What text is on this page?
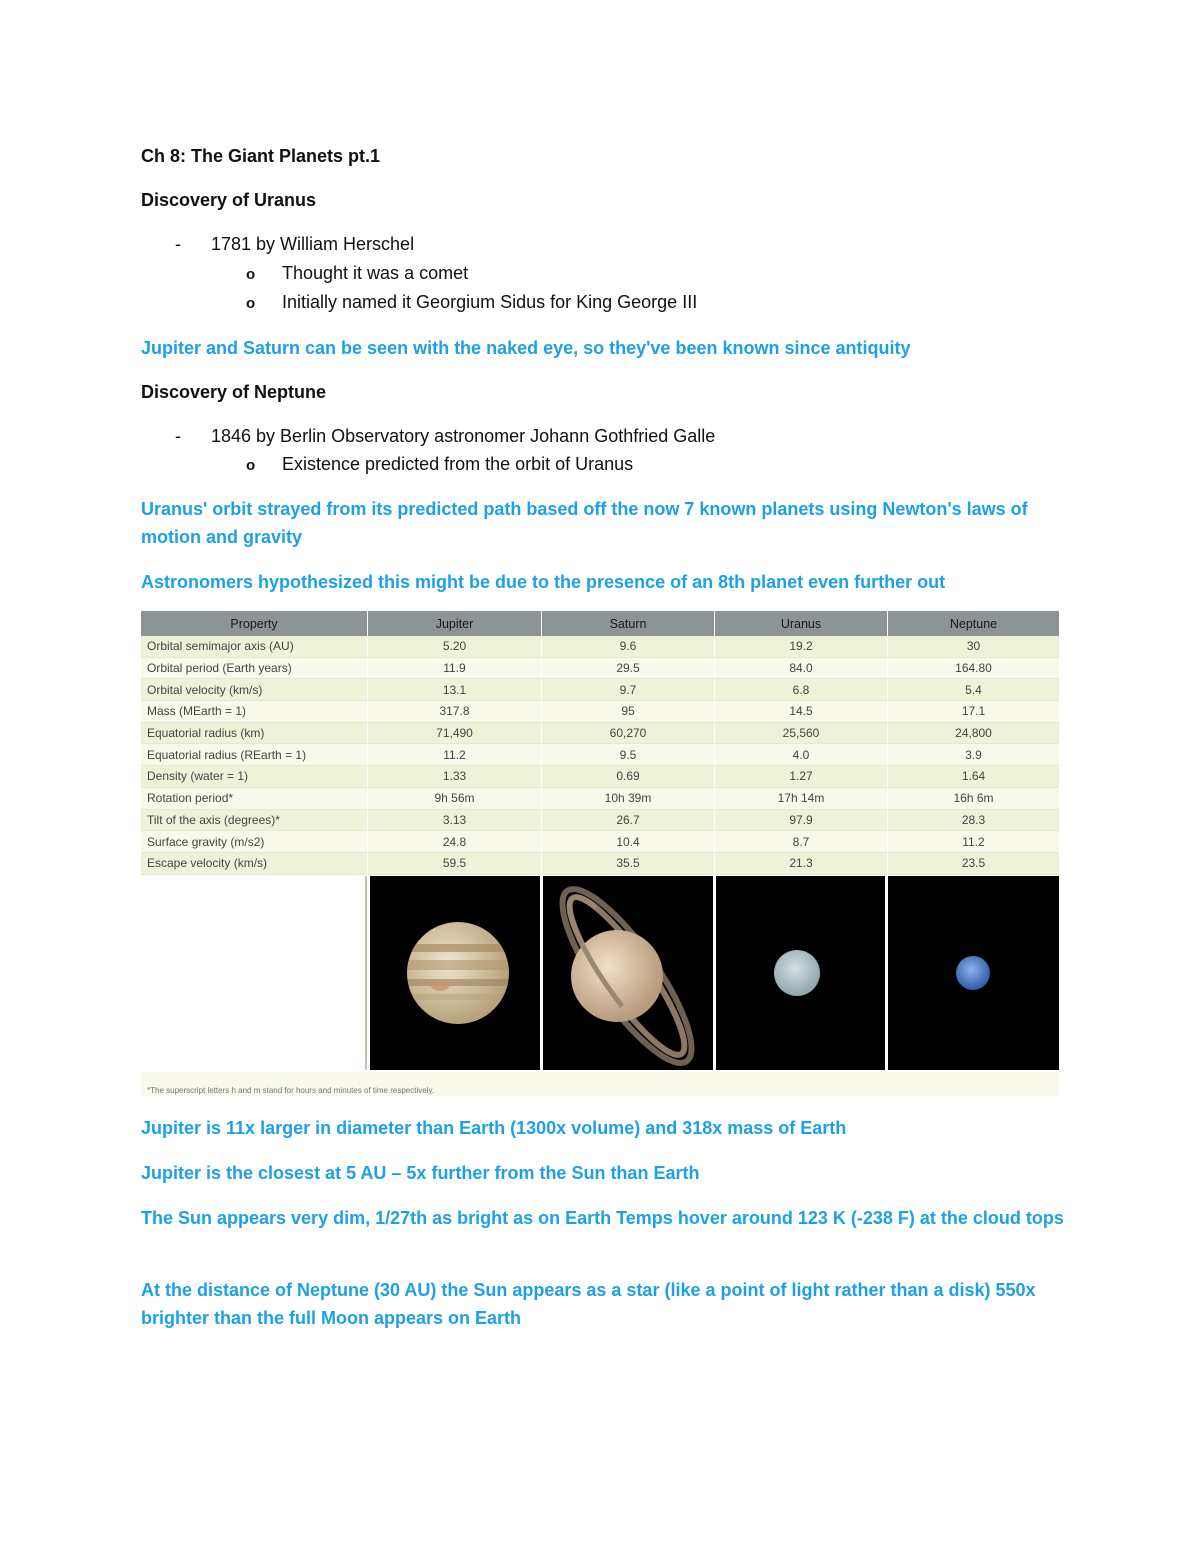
Ch 8: The Giant Planets pt.1
Discovery of Uranus
- 1781 by William Herschel
o Thought it was a comet
o Initially named it Georgium Sidus for King George III
Jupiter and Saturn can be seen with the naked eye, so they've been known since antiquity
Discovery of Neptune
- 1846 by Berlin Observatory astronomer Johann Gothfried Galle
o Existence predicted from the orbit of Uranus
Uranus' orbit strayed from its predicted path based off the now 7 known planets using Newton's laws of motion and gravity
Astronomers hypothesized this might be due to the presence of an 8th planet even further out
Property	Jupiter	Saturn	Uranus	Neptune
Orbital semimajor axis (AU)	5.20	9.6	19.2	30
Orbital period (Earth years)	11.9	29.5	84.0	164.80
Orbital velocity (km/s)	13.1	9.7	6.8	5.4
Mass (MEarth = 1)	317.8	95	14.5	17.1
Equatorial radius (km)	71,490	60,270	25,560	24,800
Equatorial radius (REarth = 1)	11.2	9.5	4.0	3.9
Density (water = 1)	1.33	0.69	1.27	1.64
Rotation period*	9h 56m	10h 39m	17h 14m	16h 6m
Tilt of the axis (degrees)*	3.13	26.7	97.9	28.3
Surface gravity (m/s2)	24.8	10.4	8.7	11.2
Escape velocity (km/s)	59.5	35.5	21.3	23.5
*The superscript letters h and m stand for hours and minutes of time respectively.
Jupiter is 11x larger in diameter than Earth (1300x volume) and 318x mass of Earth
Jupiter is the closest at 5 AU – 5x further from the Sun than Earth
The Sun appears very dim, 1/27th as bright as on Earth Temps hover around 123 K (-238 F) at the cloud tops
At the distance of Neptune (30 AU) the Sun appears as a star (like a point of light rather than a disk) 550x brighter than the full Moon appears on Earth
